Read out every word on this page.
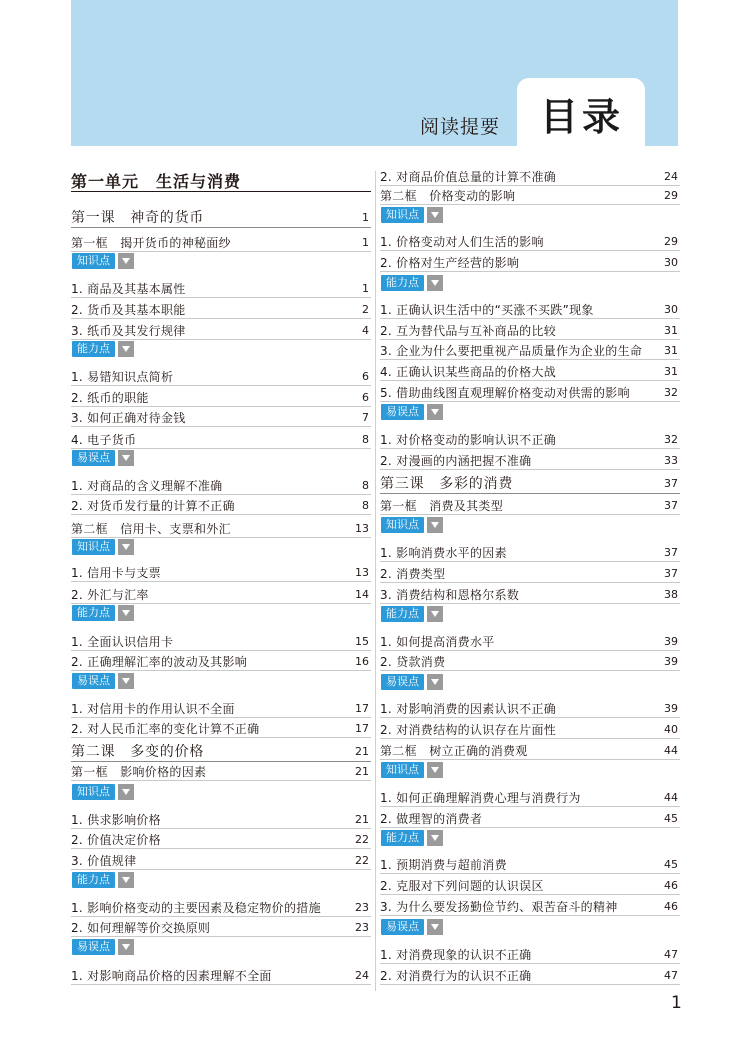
阅读提要 目录
第一单元　生活与消费
第一课　神奇的货币	1
第一框　揭开货币的神秘面纱	1
知识点
1. 商品及其基本属性	1
2. 货币及其基本职能	2
3. 纸币及其发行规律	4
能力点
1. 易错知识点简析	6
2. 纸币的职能	6
3. 如何正确对待金钱	7
4. 电子货币	8
易误点
1. 对商品的含义理解不准确	8
2. 对货币发行量的计算不正确	8
第二框　信用卡、支票和外汇	13
知识点
1. 信用卡与支票	13
2. 外汇与汇率	14
能力点
1. 全面认识信用卡	15
2. 正确理解汇率的波动及其影响	16
易误点
1. 对信用卡的作用认识不全面	17
2. 对人民币汇率的变化计算不正确	17
第二课　多变的价格	21
第一框　影响价格的因素	21
知识点
1. 供求影响价格	21
2. 价值决定价格	22
3. 价值规律	22
能力点
1. 影响价格变动的主要因素及稳定物价的措施	23
2. 如何理解等价交换原则	23
易误点
1. 对影响商品价格的因素理解不全面	24
2. 对商品价值总量的计算不准确	24
第二框　价格变动的影响	29
知识点
1. 价格变动对人们生活的影响	29
2. 价格对生产经营的影响	30
能力点
1. 正确认识生活中的“买涨不买跌”现象	30
2. 互为替代品与互补商品的比较	31
3. 企业为什么要把重视产品质量作为企业的生命 31
4. 正确认识某些商品的价格大战	31
5. 借助曲线图直观理解价格变动对供需的影响	32
易误点
1. 对价格变动的影响认识不正确	32
2. 对漫画的内涵把握不准确	33
第三课　多彩的消费	37
第一框　消费及其类型	37
知识点
1. 影响消费水平的因素	37
2. 消费类型	37
3. 消费结构和恩格尔系数	38
能力点
1. 如何提高消费水平	39
2. 贷款消费	39
易误点
1. 对影响消费的因素认识不正确	39
2. 对消费结构的认识存在片面性	40
第二框　树立正确的消费观	44
知识点
1. 如何正确理解消费心理与消费行为	44
2. 做理智的消费者	45
能力点
1. 预期消费与超前消费	45
2. 克服对下列问题的认识误区	46
3. 为什么要发扬勤俭节约、艰苦奋斗的精神	46
易误点
1. 对消费现象的认识不正确	47
2. 对消费行为的认识不正确	47
1
